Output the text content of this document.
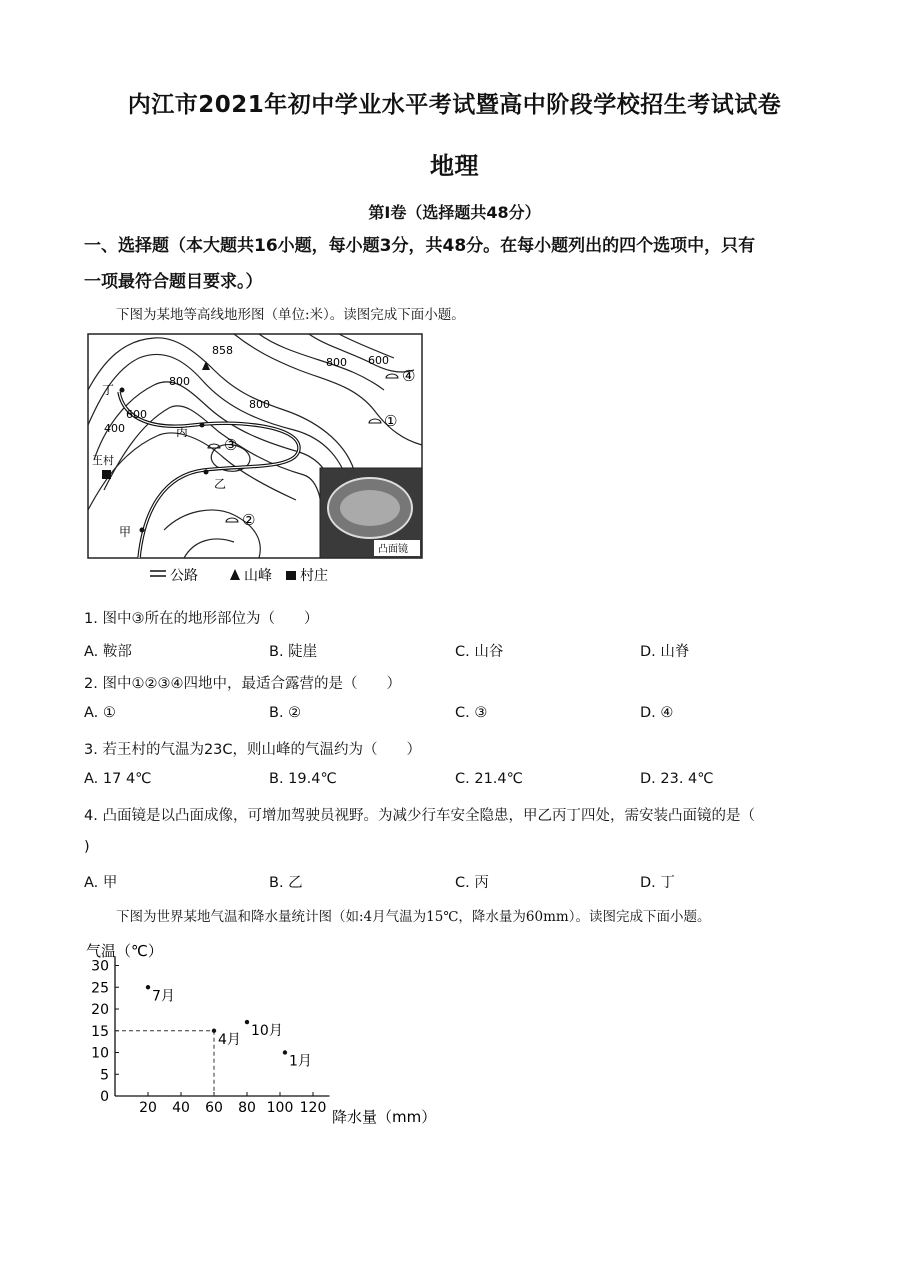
内江市2021年初中学业水平考试暨高中阶段学校招生考试试卷
地理
第Ⅰ卷（选择题共48分）
一、选择题（本大题共16小题，每小题3分，共48分。在每小题列出的四个选项中，只有
一项最符合题目要求。）
下图为某地等高线地形图（单位:米）。读图完成下面小题。
858
800
800
800 600
600
400
丁
丙
乙
甲
王村
①
②
③
④
凸面镜
公路	山峰 村庄
1. 图中③所在的地形部位为（　　）
A. 鞍部	B. 陡崖	C. 山谷	D. 山脊
2. 图中①②③④四地中，最适合露营的是（　　）
A. ①	B. ②	C. ③	D. ④
3. 若王村的气温为23C，则山峰的气温约为（　　）
A. 17 4℃	B. 19.4℃	C. 21.4℃	D. 23. 4℃
4. 凸面镜是以凸面成像，可增加驾驶员视野。为减少行车安全隐患，甲乙丙丁四处，需安装凸面镜的是（
)
A. 甲	B. 乙	C. 丙	D. 丁
下图为世界某地气温和降水量统计图（如:4月气温为15℃，降水量为60mm）。读图完成下面小题。
气温（℃）
降水量（mm）
20 40 60 80 100 120
0
5
10
15
20
25
30
7月
4月
10月
1月
